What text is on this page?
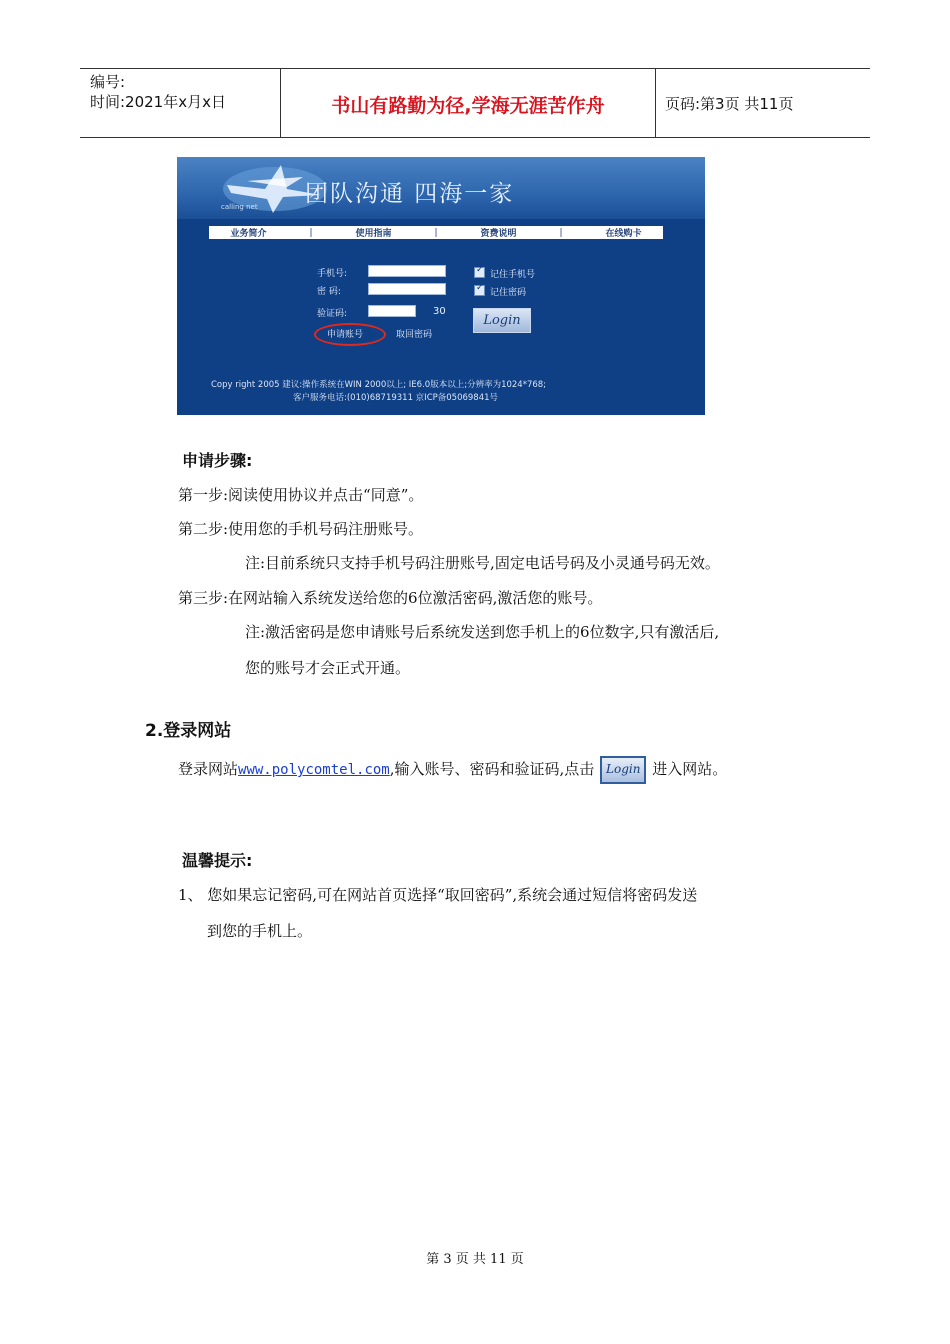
编号:
时间:2021年x月x日	书山有路勤为径,学海无涯苦作舟	页码:第3页 共11页
calling net 团队沟通 四海一家
业务简介	|	使用指南	|	资费说明	|	在线购卡
手机号:
密 码:
验证码:	30
✓
记住手机号
✓
记住密码
Login
申请账号	取回密码
Copy right 2005 建议:操作系统在WIN 2000以上; IE6.0版本以上;分辨率为1024*768;
客户服务电话:(010)68719311 京ICP备05069841号
申请步骤:
第一步:阅读使用协议并点击“同意”。
第二步:使用您的手机号码注册账号。
注:目前系统只支持手机号码注册账号,固定电话号码及小灵通号码无效。
第三步:在网站输入系统发送给您的6位激活密码,激活您的账号。
注:激活密码是您申请账号后系统发送到您手机上的6位数字,只有激活后,
您的账号才会正式开通。
2.登录网站
登录网站www.polycomtel.com,输入账号、密码和验证码,点击 Login 进入网站。
温馨提示:
1、 您如果忘记密码,可在网站首页选择“取回密码”,系统会通过短信将密码发送
到您的手机上。
第 3 页 共 11 页
